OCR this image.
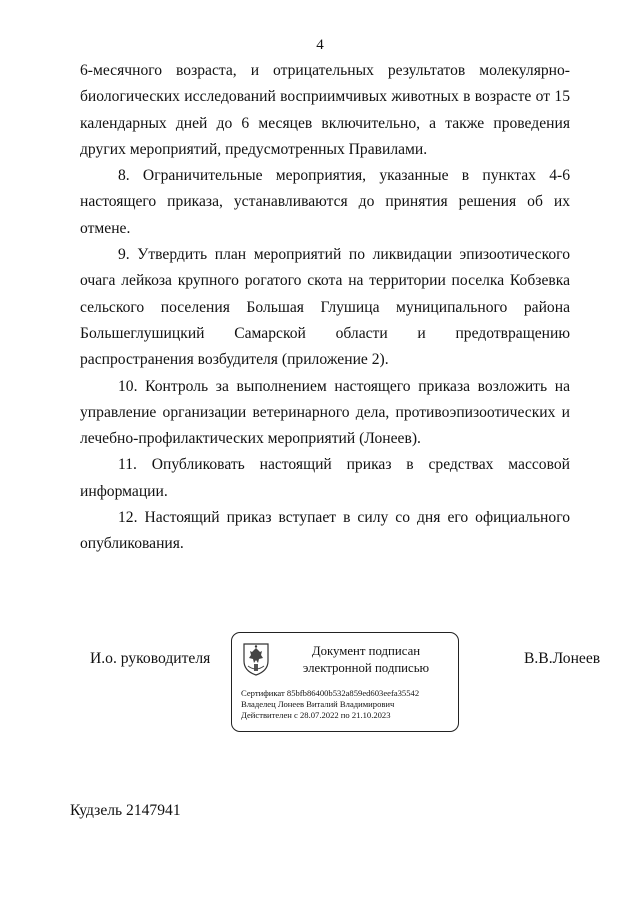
4

6-месячного возраста, и отрицательных результатов молекулярно-биологических исследований восприимчивых животных в возрасте от 15 календарных дней до 6 месяцев включительно, а также проведения других мероприятий, предусмотренных Правилами.

8. Ограничительные мероприятия, указанные в пунктах 4-6 настоящего приказа, устанавливаются до принятия решения об их отмене.

9. Утвердить план мероприятий по ликвидации эпизоотического очага лейкоза крупного рогатого скота на территории поселка Кобзевка сельского поселения Большая Глушица муниципального района Большеглушицкий Самарской области и предотвращению распространения возбудителя (приложение 2).

10. Контроль за выполнением настоящего приказа возложить на управление организации ветеринарного дела, противоэпизоотических и лечебно-профилактических мероприятий (Лонеев).

11. Опубликовать настоящий приказ в средствах массовой информации.

12. Настоящий приказ вступает в силу со дня его официального опубликования.

И.о. руководителя	Документ подписан
электронной подписью
Сертификат 85bfb86400b532a859ed603eefa35542
Владелец Лонеев Виталий Владимирович
Действителен с 28.07.2022 по 21.10.2023
В.В.Лонеев
Кудзель 2147941
